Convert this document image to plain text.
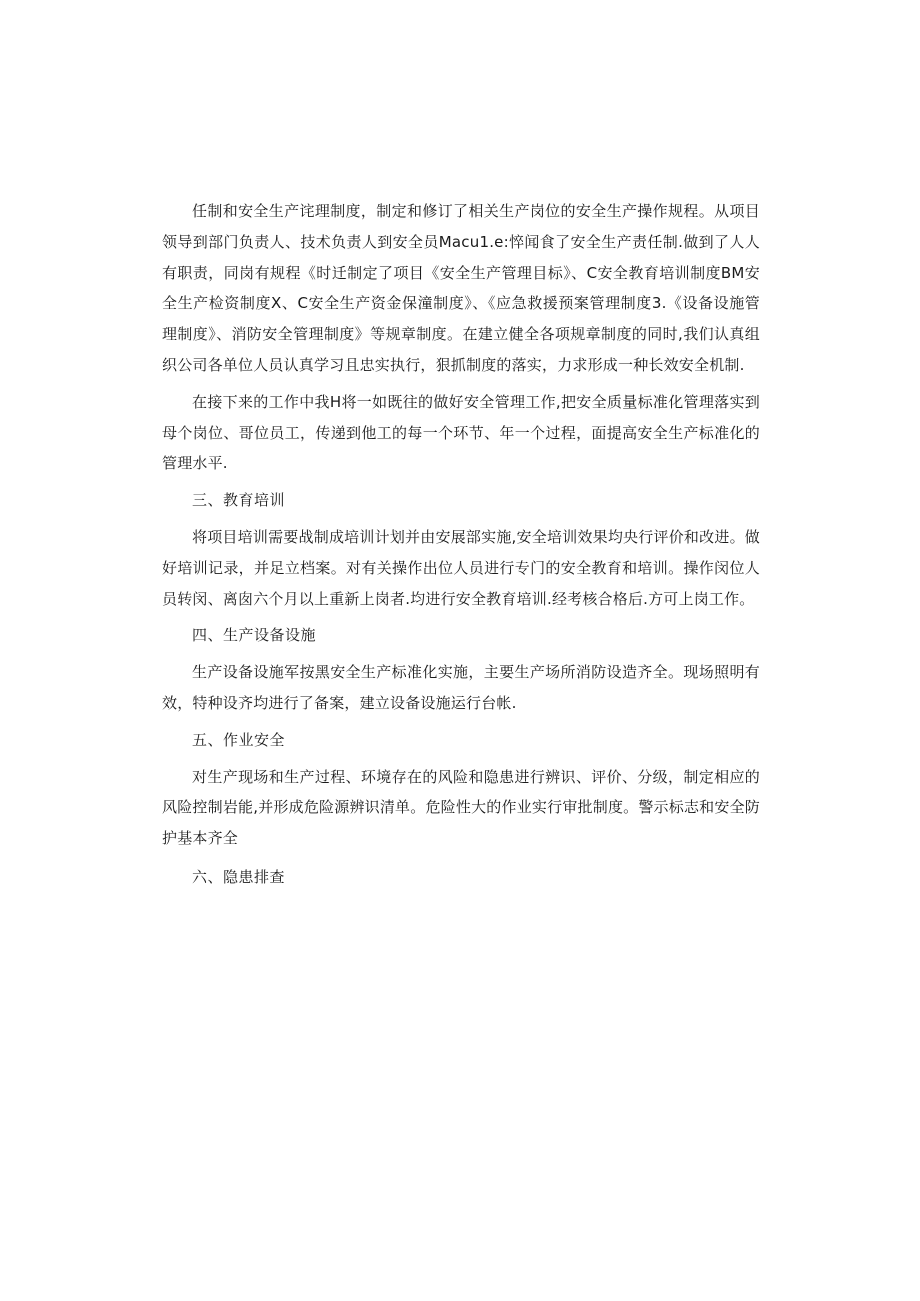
任制和安全生产诧理制度，制定和修订了相关生产岗位的安全生产操作规程。从项目领导到部门负责人、技术负责人到安全员Macu1.e:悴闻食了安全生产责任制.做到了人人有职责，同岗有规程《时迁制定了项目《安全生产管理目标》、C安全教育培训制度BM安全生产检资制度X、C安全生产资金保潼制度》、《应急救援预案管理制度3.《设备设施管理制度》、消防安全管理制度》等规章制度。在建立健全各项规章制度的同时,我们认真组织公司各单位人员认真学习且忠实执行，狠抓制度的落实，力求形成一种长效安全机制.

在接下来的工作中我H将一如既往的做好安全管理工作,把安全质量标准化管理落实到母个岗位、哥位员工，传递到他工的每一个环节、年一个过程，面提高安全生产标准化的管理水平.

三、教育培训

将项目培训需要战制成培训计划并由安展部实施,安全培训效果均央行评价和改进。做好培训记录，并足立档案。对有关操作出位人员进行专门的安全教育和培训。操作闵位人员转闵、离囱六个月以上重新上岗者.均进行安全教育培训.经考核合格后.方可上岗工作。

四、生产设备设施

生产设备设施军按黑安全生产标准化实施，主要生产场所消防设造齐全。现场照明有效，特种设齐均进行了备案，建立设备设施运行台帐.

五、作业安全

对生产现场和生产过程、环境存在的风险和隐患进行辨识、评价、分级，制定相应的风险控制岩能,并形成危险源辨识清单。危险性大的作业实行审批制度。警示标志和安全防护基本齐全

六、隐患排查
